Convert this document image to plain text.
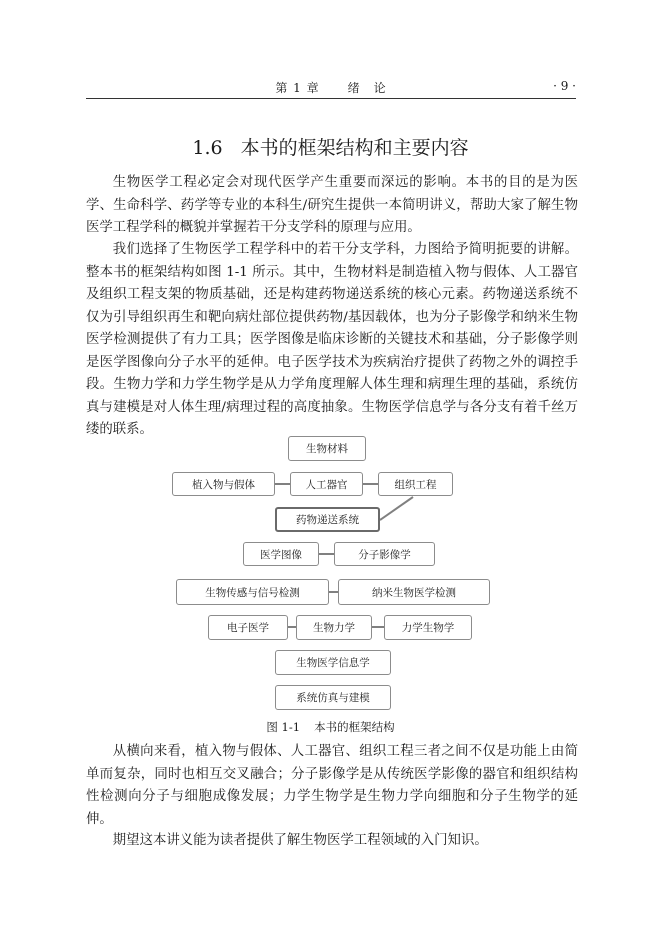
第 1 章 绪　论	· 9 ·
1.6 本书的框架结构和主要内容

生物医学工程必定会对现代医学产生重要而深远的影响。本书的目的是为医学、生命科学、药学等专业的本科生/研究生提供一本简明讲义，帮助大家了解生物医学工程学科的概貌并掌握若干分支学科的原理与应用。

我们选择了生物医学工程学科中的若干分支学科，力图给予简明扼要的讲解。整本书的框架结构如图 1-1 所示。其中，生物材料是制造植入物与假体、人工器官及组织工程支架的物质基础，还是构建药物递送系统的核心元素。药物递送系统不仅为引导组织再生和靶向病灶部位提供药物/基因载体，也为分子影像学和纳米生物医学检测提供了有力工具；医学图像是临床诊断的关键技术和基础，分子影像学则是医学图像向分子水平的延伸。电子医学技术为疾病治疗提供了药物之外的调控手段。生物力学和力学生物学是从力学角度理解人体生理和病理生理的基础，系统仿真与建模是对人体生理/病理过程的高度抽象。生物医学信息学与各分支有着千丝万缕的联系。

生物材料
植入物与假体	人工器官	组织工程
药物递送系统
医学图像	分子影像学
生物传感与信号检测	纳米生物医学检测
电子医学	生物力学	力学生物学
生物医学信息学
系统仿真与建模
图 1-1 本书的框架结构

从横向来看，植入物与假体、人工器官、组织工程三者之间不仅是功能上由简单而复杂，同时也相互交叉融合；分子影像学是从传统医学影像的器官和组织结构性检测向分子与细胞成像发展；力学生物学是生物力学向细胞和分子生物学的延伸。

期望这本讲义能为读者提供了解生物医学工程领域的入门知识。
